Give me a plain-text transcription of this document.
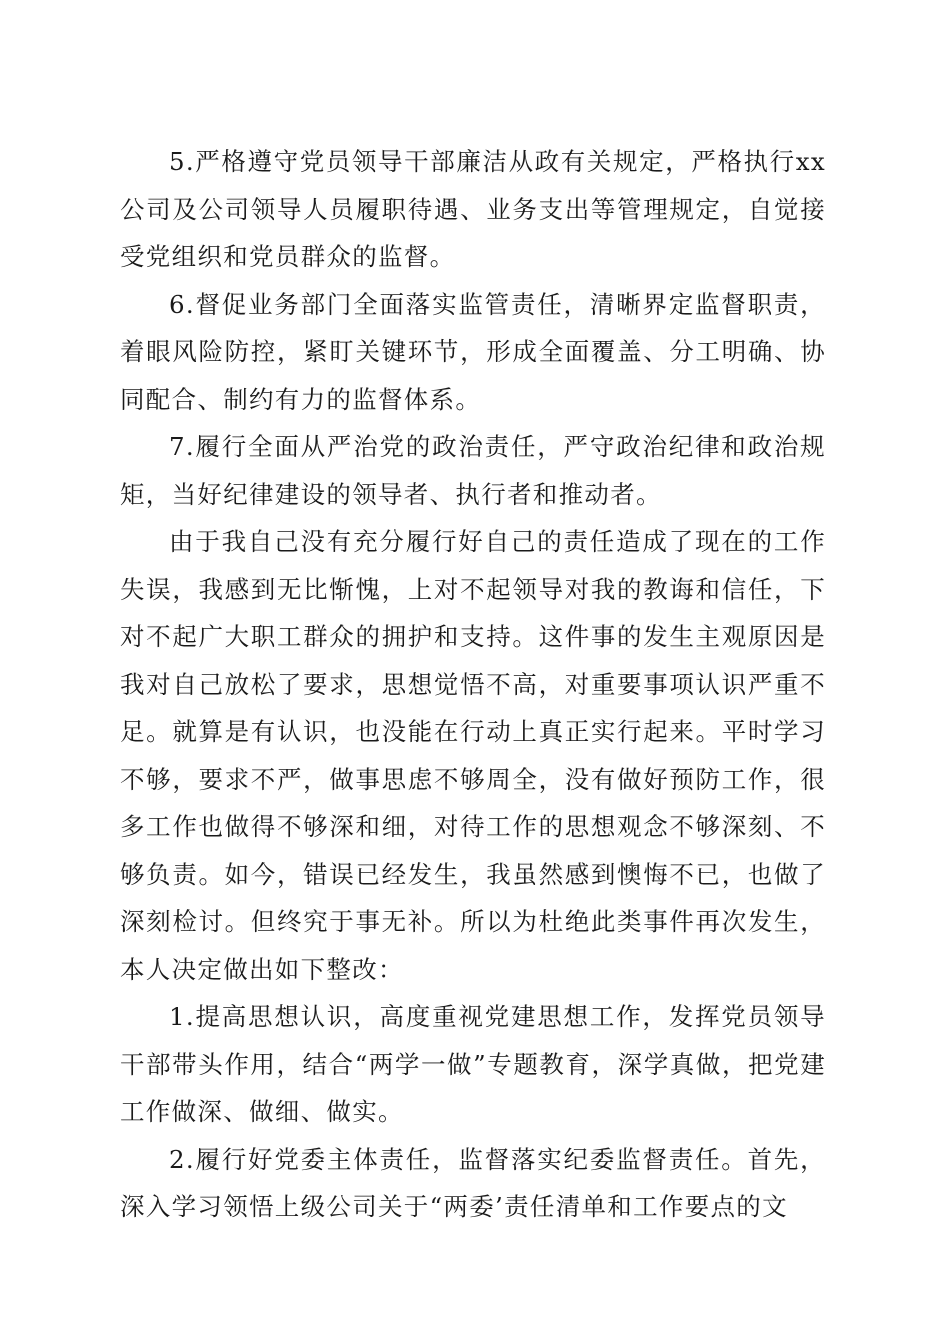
5.严格遵守党员领导干部廉洁从政有关规定，严格执行xx公司及公司领导人员履职待遇、业务支出等管理规定，自觉接受党组织和党员群众的监督。

6.督促业务部门全面落实监管责任，清晰界定监督职责，着眼风险防控，紧盯关键环节，形成全面覆盖、分工明确、协同配合、制约有力的监督体系。

7.履行全面从严治党的政治责任，严守政治纪律和政治规矩，当好纪律建设的领导者、执行者和推动者。

由于我自己没有充分履行好自己的责任造成了现在的工作失误，我感到无比惭愧，上对不起领导对我的教诲和信任，下对不起广大职工群众的拥护和支持。这件事的发生主观原因是我对自己放松了要求，思想觉悟不高，对重要事项认识严重不足。就算是有认识，也没能在行动上真正实行起来。平时学习不够，要求不严，做事思虑不够周全，没有做好预防工作，很多工作也做得不够深和细，对待工作的思想观念不够深刻、不够负责。如今，错误已经发生，我虽然感到懊悔不已，也做了深刻检讨。但终究于事无补。所以为杜绝此类事件再次发生，本人决定做出如下整改：

1.提高思想认识，高度重视党建思想工作，发挥党员领导干部带头作用，结合“两学一做”专题教育，深学真做，把党建工作做深、做细、做实。

2.履行好党委主体责任，监督落实纪委监督责任。首先，深入学习领悟上级公司关于“两委’责任清单和工作要点的文
